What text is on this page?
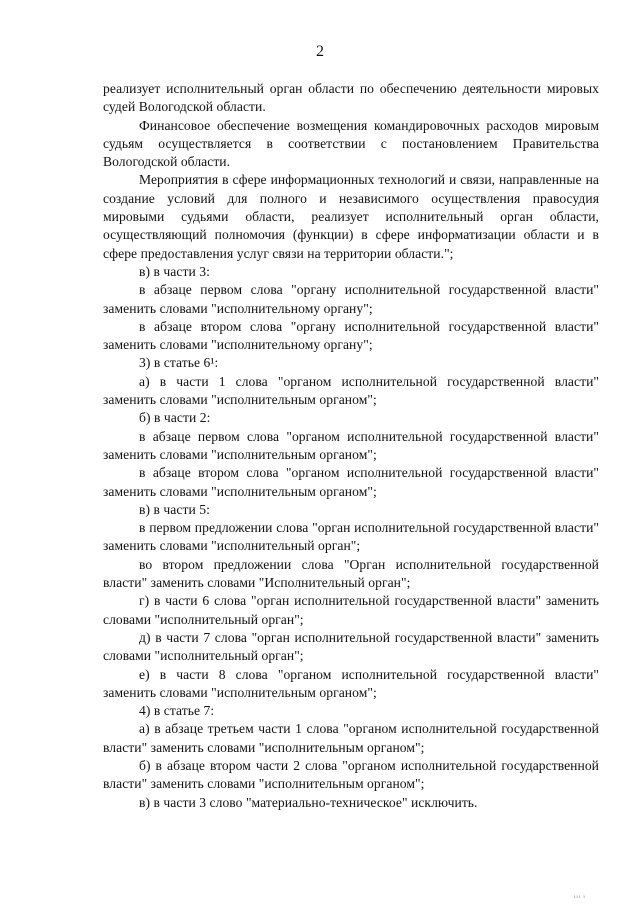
2

реализует исполнительный орган области по обеспечению деятельности мировых судей Вологодской области.

Финансовое обеспечение возмещения командировочных расходов мировым судьям осуществляется в соответствии с постановлением Правительства Вологодской области.

Мероприятия в сфере информационных технологий и связи, направленные на создание условий для полного и независимого осуществления правосудия мировыми судьями области, реализует исполнительный орган области, осуществляющий полномочия (функции) в сфере информатизации области и в сфере предоставления услуг связи на территории области.";

в) в части 3:

в абзаце первом слова "органу исполнительной государственной власти" заменить словами "исполнительному органу";

в абзаце втором слова "органу исполнительной государственной власти" заменить словами "исполнительному органу";

3) в статье 6¹:

а) в части 1 слова "органом исполнительной государственной власти" заменить словами "исполнительным органом";

б) в части 2:

в абзаце первом слова "органом исполнительной государственной власти" заменить словами "исполнительным органом";

в абзаце втором слова "органом исполнительной государственной власти" заменить словами "исполнительным органом";

в) в части 5:

в первом предложении слова "орган исполнительной государственной власти" заменить словами "исполнительный орган";

во втором предложении слова "Орган исполнительной государственной власти" заменить словами "Исполнительный орган";

г) в части 6 слова "орган исполнительной государственной власти" заменить словами "исполнительный орган";

д) в части 7 слова "орган исполнительной государственной власти" заменить словами "исполнительный орган";

е) в части 8 слова "органом исполнительной государственной власти" заменить словами "исполнительным органом";

4) в статье 7:

а) в абзаце третьем части 1 слова "органом исполнительной государственной власти" заменить словами "исполнительным органом";

б) в абзаце втором части 2 слова "органом исполнительной государственной власти" заменить словами "исполнительным органом";

в) в части 3 слово "материально-техническое" исключить.

ııı ı
